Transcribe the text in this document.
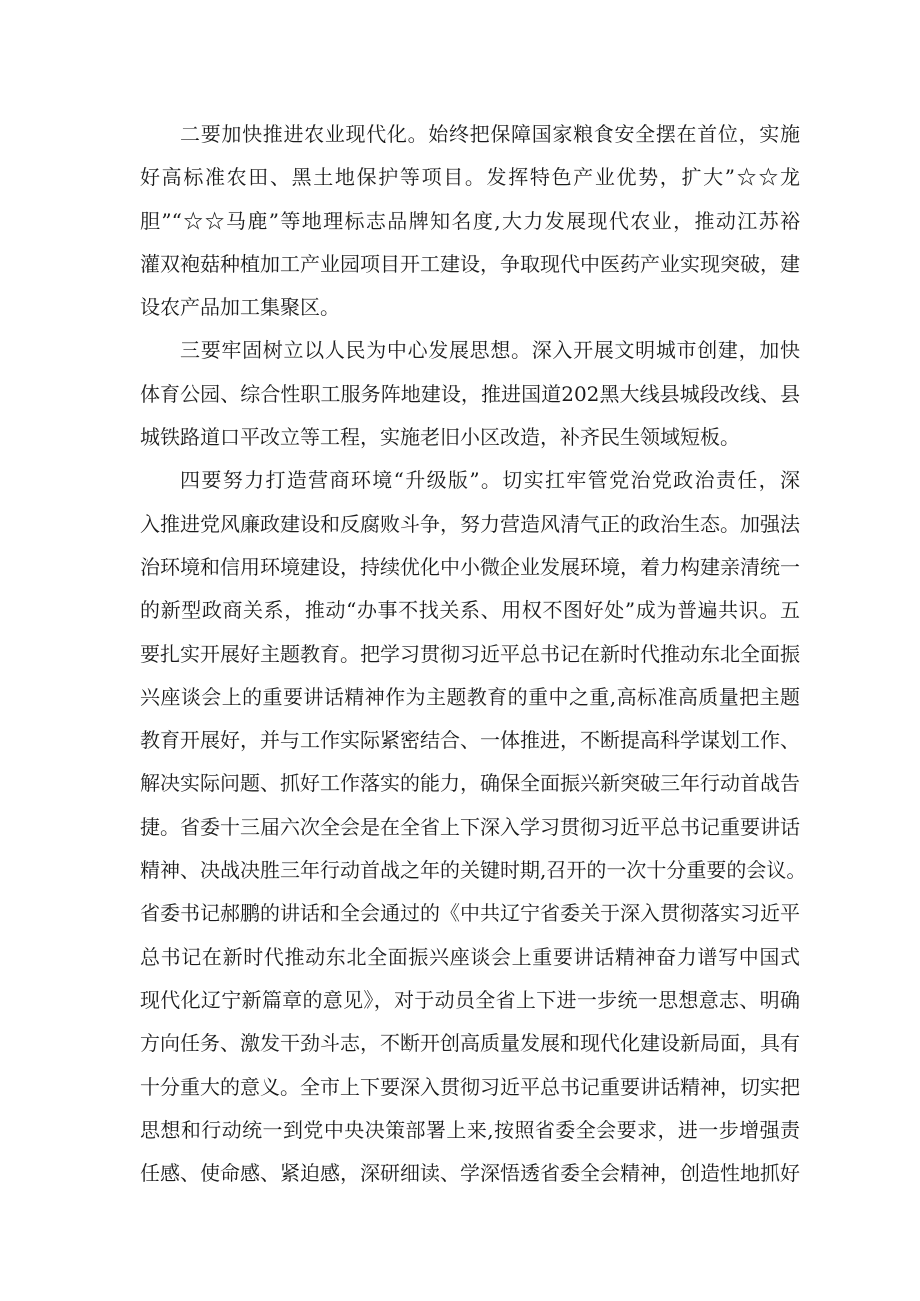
二要加快推进农业现代化。始终把保障国家粮食安全摆在首位，实施
好高标准农田、黑土地保护等项目。发挥特色产业优势，扩大”☆☆龙
胆”“☆☆马鹿”等地理标志品牌知名度,大力发展现代农业，推动江苏裕
灌双袍菇种植加工产业园项目开工建设，争取现代中医药产业实现突破，建
设农产品加工集聚区。

三要牢固树立以人民为中心发展思想。深入开展文明城市创建，加快
体育公园、综合性职工服务阵地建设，推进国道202黑大线县城段改线、县
城铁路道口平改立等工程，实施老旧小区改造，补齐民生领域短板。

四要努力打造营商环境“升级版”。切实扛牢管党治党政治责任，深
入推进党风廉政建设和反腐败斗争，努力营造风清气正的政治生态。加强法
治环境和信用环境建设，持续优化中小微企业发展环境，着力构建亲清统一
的新型政商关系，推动“办事不找关系、用权不图好处”成为普遍共识。五
要扎实开展好主题教育。把学习贯彻习近平总书记在新时代推动东北全面振
兴座谈会上的重要讲话精神作为主题教育的重中之重,高标准高质量把主题
教育开展好，并与工作实际紧密结合、一体推进，不断提高科学谋划工作、
解决实际问题、抓好工作落实的能力，确保全面振兴新突破三年行动首战告
捷。省委十三届六次全会是在全省上下深入学习贯彻习近平总书记重要讲话
精神、决战决胜三年行动首战之年的关键时期,召开的一次十分重要的会议。
省委书记郝鹏的讲话和全会通过的《中共辽宁省委关于深入贯彻落实习近平
总书记在新时代推动东北全面振兴座谈会上重要讲话精神奋力谱写中国式
现代化辽宁新篇章的意见》，对于动员全省上下进一步统一思想意志、明确
方向任务、激发干劲斗志，不断开创高质量发展和现代化建设新局面，具有
十分重大的意义。全市上下要深入贯彻习近平总书记重要讲话精神，切实把
思想和行动统一到党中央决策部署上来,按照省委全会要求，进一步增强责
任感、使命感、紧迫感，深研细读、学深悟透省委全会精神，创造性地抓好
